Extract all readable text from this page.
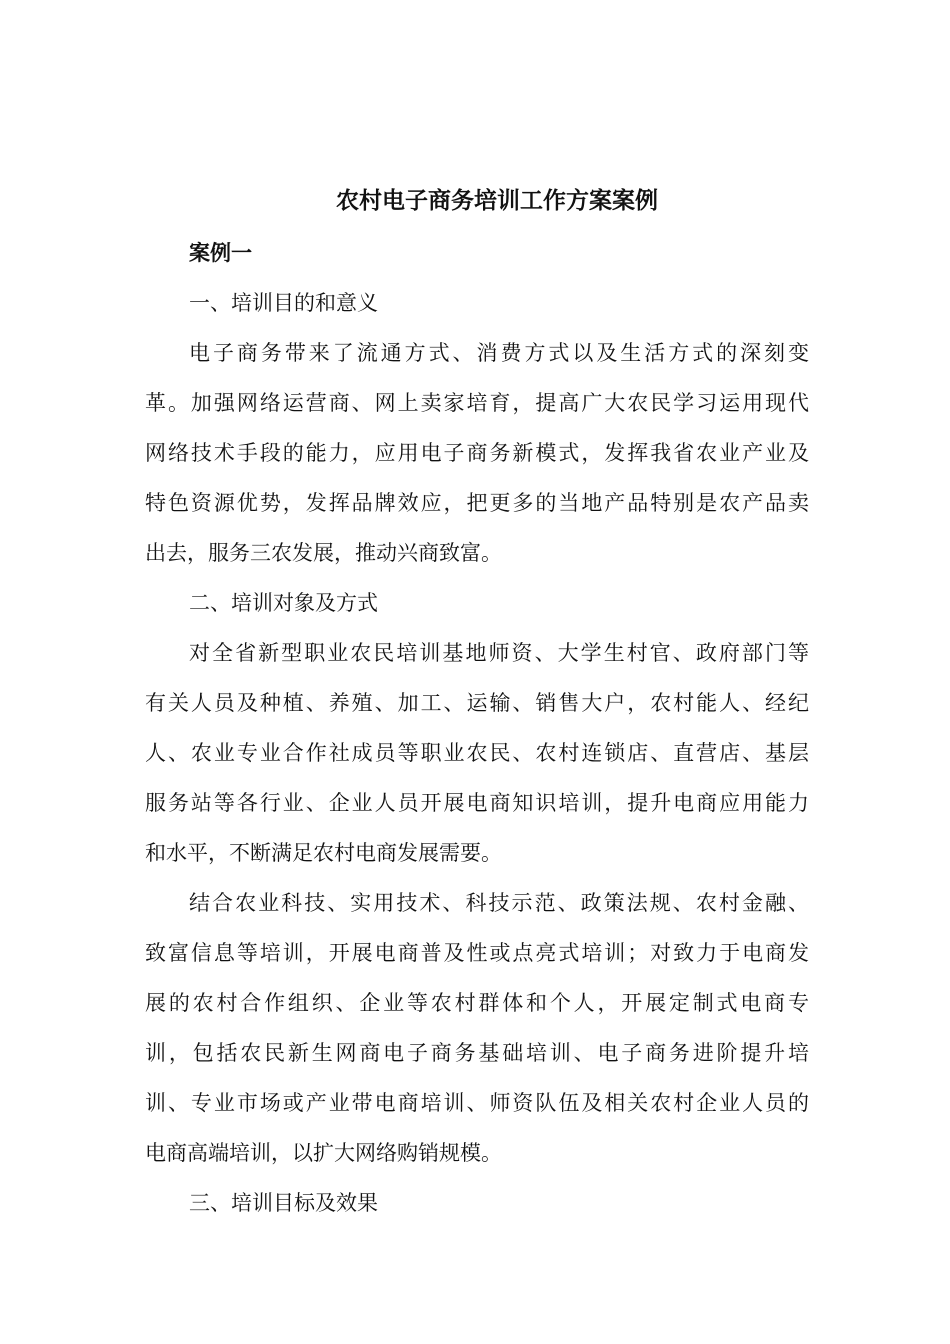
农村电子商务培训工作方案案例

案例一

一、培训目的和意义

电子商务带来了流通方式、消费方式以及生活方式的深刻变
革。加强网络运营商、网上卖家培育，提高广大农民学习运用现代
网络技术手段的能力，应用电子商务新模式，发挥我省农业产业及
特色资源优势，发挥品牌效应，把更多的当地产品特别是农产品卖
出去，服务三农发展，推动兴商致富。

二、培训对象及方式

对全省新型职业农民培训基地师资、大学生村官、政府部门等
有关人员及种植、养殖、加工、运输、销售大户，农村能人、经纪
人、农业专业合作社成员等职业农民、农村连锁店、直营店、基层
服务站等各行业、企业人员开展电商知识培训，提升电商应用能力
和水平，不断满足农村电商发展需要。

结合农业科技、实用技术、科技示范、政策法规、农村金融、
致富信息等培训，开展电商普及性或点亮式培训；对致力于电商发
展的农村合作组织、企业等农村群体和个人，开展定制式电商专
训，包括农民新生网商电子商务基础培训、电子商务进阶提升培
训、专业市场或产业带电商培训、师资队伍及相关农村企业人员的
电商高端培训，以扩大网络购销规模。

三、培训目标及效果
